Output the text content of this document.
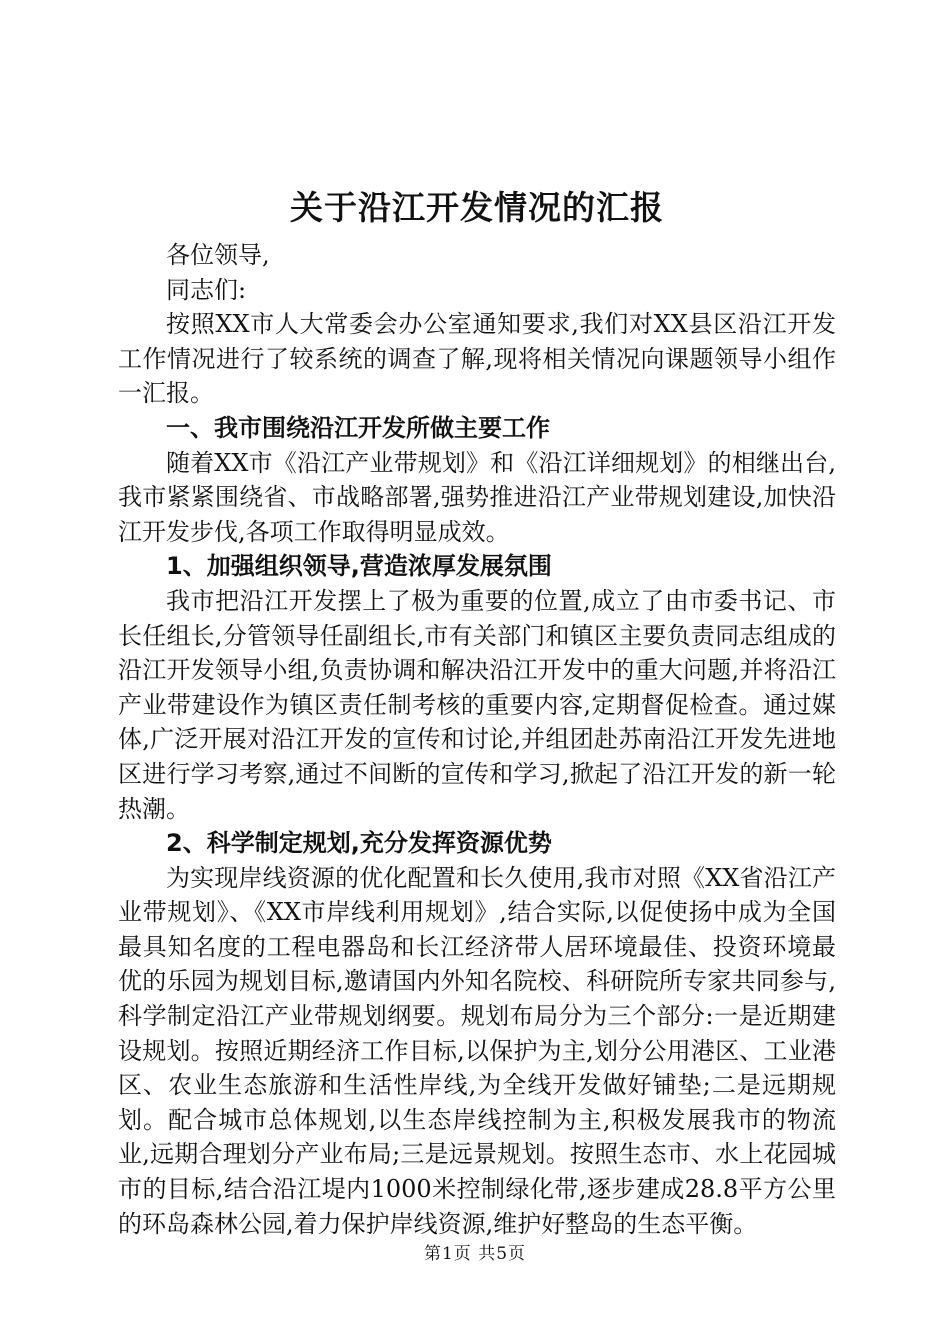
关于沿江开发情况的汇报

各位领导,

同志们:

按照XX市人大常委会办公室通知要求,我们对XX县区沿江开发工作情况进行了较系统的调查了解,现将相关情况向课题领导小组作一汇报。

一、我市围绕沿江开发所做主要工作

随着XX市《沿江产业带规划》和《沿江详细规划》的相继出台,我市紧紧围绕省、市战略部署,强势推进沿江产业带规划建设,加快沿江开发步伐,各项工作取得明显成效。

1、加强组织领导,营造浓厚发展氛围

我市把沿江开发摆上了极为重要的位置,成立了由市委书记、市长任组长,分管领导任副组长,市有关部门和镇区主要负责同志组成的沿江开发领导小组,负责协调和解决沿江开发中的重大问题,并将沿江产业带建设作为镇区责任制考核的重要内容,定期督促检查。通过媒体,广泛开展对沿江开发的宣传和讨论,并组团赴苏南沿江开发先进地区进行学习考察,通过不间断的宣传和学习,掀起了沿江开发的新一轮热潮。

2、科学制定规划,充分发挥资源优势

为实现岸线资源的优化配置和长久使用,我市对照《XX省沿江产业带规划》、《XX市岸线利用规划》,结合实际,以促使扬中成为全国最具知名度的工程电器岛和长江经济带人居环境最佳、投资环境最优的乐园为规划目标,邀请国内外知名院校、科研院所专家共同参与,科学制定沿江产业带规划纲要。规划布局分为三个部分:一是近期建设规划。按照近期经济工作目标,以保护为主,划分公用港区、工业港区、农业生态旅游和生活性岸线,为全线开发做好铺垫;二是远期规划。配合城市总体规划,以生态岸线控制为主,积极发展我市的物流业,远期合理划分产业布局;三是远景规划。按照生态市、水上花园城市的目标,结合沿江堤内1000米控制绿化带,逐步建成28.8平方公里的环岛森林公园,着力保护岸线资源,维护好整岛的生态平衡。

第1页 共5页
